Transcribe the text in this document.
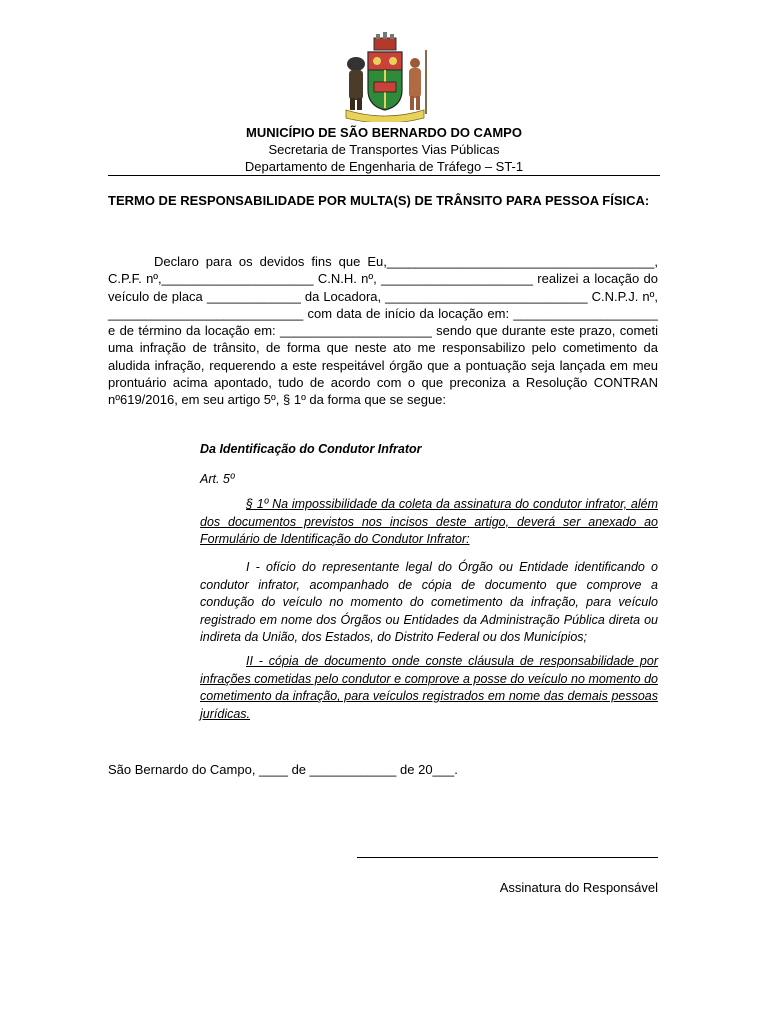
MUNICÍPIO DE SÃO BERNARDO DO CAMPO
Secretaria de Transportes Vias Públicas
Departamento de Engenharia de Tráfego – ST-1
TERMO DE RESPONSABILIDADE POR MULTA(S) DE TRÂNSITO PARA PESSOA FÍSICA:

Declaro para os devidos fins que Eu,_____________________________________, C.P.F. nº,_____________________ C.N.H. nº, _____________________ realizei a locação do veículo de placa _____________ da Locadora, ____________________________ C.N.P.J. nº, ___________________________ com data de início da locação em: ____________________ e de término da locação em: _____________________ sendo que durante este prazo, cometi uma infração de trânsito, de forma que neste ato me responsabilizo pelo cometimento da aludida infração, requerendo a este respeitável órgão que a pontuação seja lançada em meu prontuário acima apontado, tudo de acordo com o que preconiza a Resolução CONTRAN nº619/2016, em seu artigo 5º, § 1º da forma que se segue:

Da Identificação do Condutor Infrator

Art. 5º

§ 1º Na impossibilidade da coleta da assinatura do condutor infrator, além dos documentos previstos nos incisos deste artigo, deverá ser anexado ao Formulário de Identificação do Condutor Infrator:

I - ofício do representante legal do Órgão ou Entidade identificando o condutor infrator, acompanhado de cópia de documento que comprove a condução do veículo no momento do cometimento da infração, para veículo registrado em nome dos Órgãos ou Entidades da Administração Pública direta ou indireta da União, dos Estados, do Distrito Federal ou dos Municípios;

II - cópia de documento onde conste cláusula de responsabilidade por infrações cometidas pelo condutor e comprove a posse do veículo no momento do cometimento da infração, para veículos registrados em nome das demais pessoas jurídicas.

São Bernardo do Campo, ____ de ____________ de 20___.
Assinatura do Responsável
